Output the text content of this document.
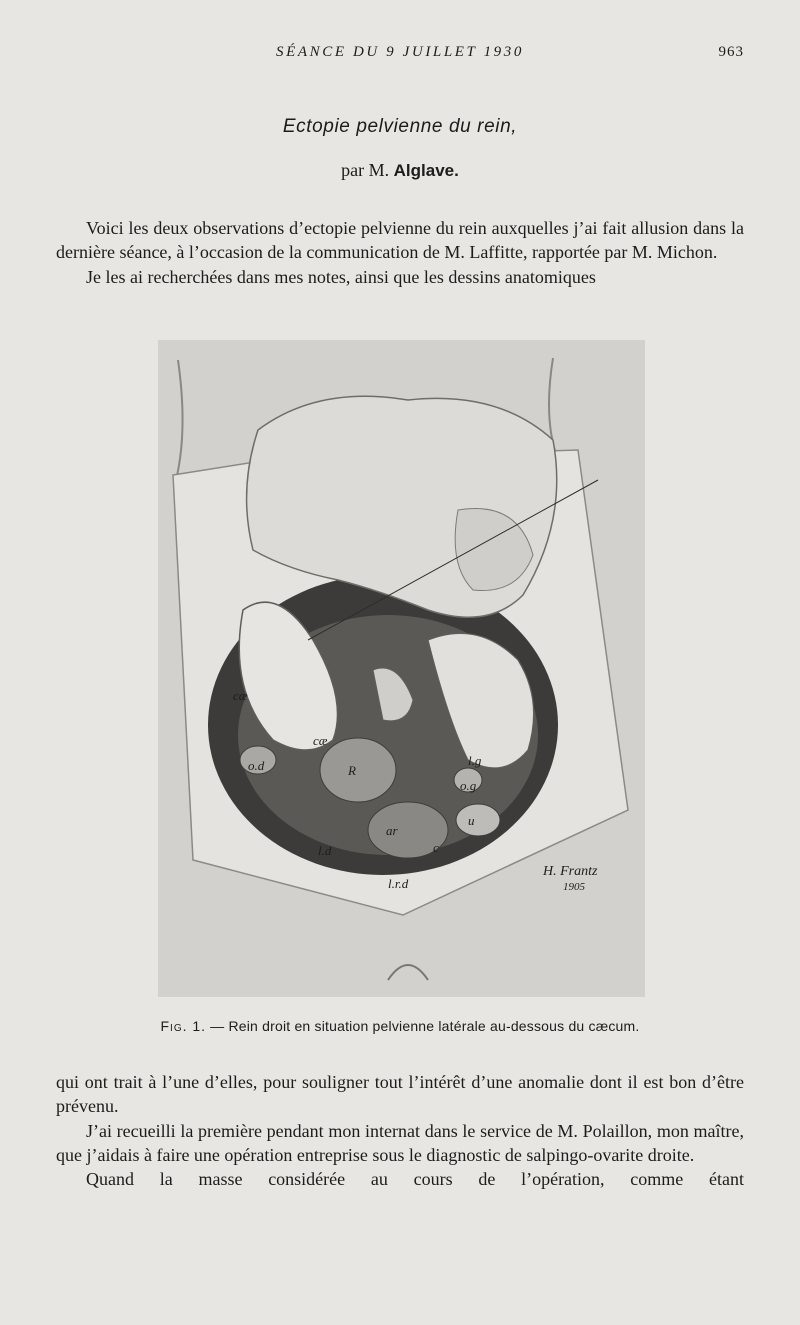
SÉANCE DU 9 JUILLET 1930	963
Ectopie pelvienne du rein,
par M. Alglave.

Voici les deux observations d’ectopie pelvienne du rein auxquelles j’ai fait allusion dans la dernière séance, à l’occasion de la communication de M. Laffitte, rapportée par M. Michon.

Je les ai recherchées dans mes notes, ainsi que les dessins anatomiques

cæ
cæ
o.d	R
l.g
o.g
ar
u
l.d	c
l.r.d
H. Frantz
1905
Fig. 1. — Rein droit en situation pelvienne latérale au-dessous du cæcum.

qui ont trait à l’une d’elles, pour souligner tout l’intérêt d’une anomalie dont il est bon d’être prévenu.

J’ai recueilli la première pendant mon internat dans le service de M. Polaillon, mon maître, que j’aidais à faire une opération entreprise sous le diagnostic de salpingo-ovarite droite.

Quand la masse considérée au cours de l’opération, comme étant
